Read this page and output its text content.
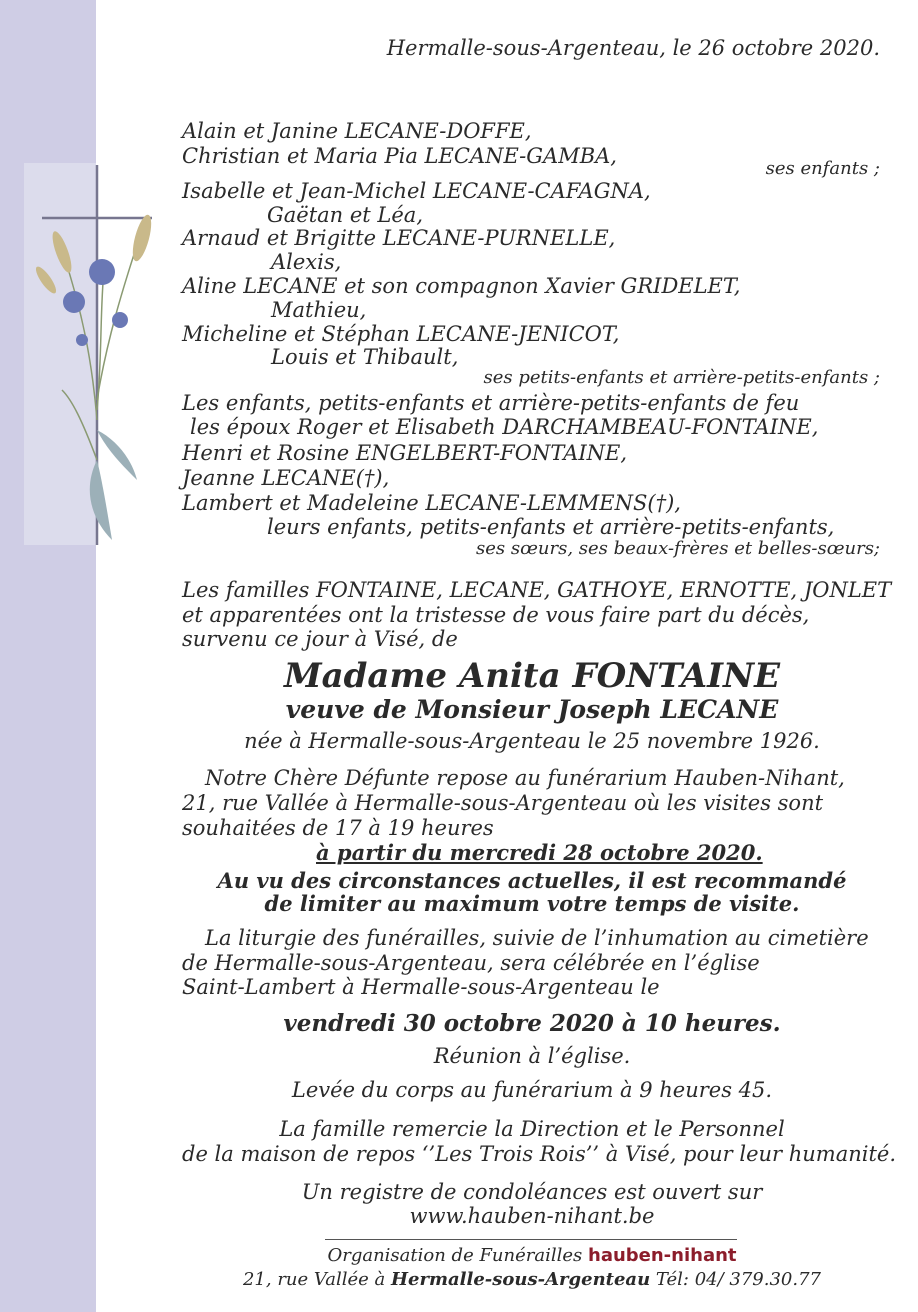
Hermalle-sous-Argenteau, le 26 octobre 2020.
Alain et Janine LECANE-DOFFE,
Christian et Maria Pia LECANE-GAMBA,
ses enfants ;
Isabelle et Jean-Michel LECANE-CAFAGNA,
Gaëtan et Léa,
Arnaud et Brigitte LECANE-PURNELLE,
Alexis,
Aline LECANE et son compagnon Xavier GRIDELET,
Mathieu,
Micheline et Stéphan LECANE-JENICOT,
Louis et Thibault,
ses petits-enfants et arrière-petits-enfants ;
Les enfants, petits-enfants et arrière-petits-enfants de feu
les époux Roger et Elisabeth DARCHAMBEAU-FONTAINE,
Henri et Rosine ENGELBERT-FONTAINE,
Jeanne LECANE(†),
Lambert et Madeleine LECANE-LEMMENS(†),
leurs enfants, petits-enfants et arrière-petits-enfants,
ses sœurs, ses beaux-frères et belles-sœurs;
Les familles FONTAINE, LECANE, GATHOYE, ERNOTTE, JONLET
et apparentées ont la tristesse de vous faire part du décès,
survenu ce jour à Visé, de
Madame Anita FONTAINE
veuve de Monsieur Joseph LECANE
née à Hermalle-sous-Argenteau le 25 novembre 1926.
Notre Chère Défunte repose au funérarium Hauben-Nihant,
21, rue Vallée à Hermalle-sous-Argenteau où les visites sont
souhaitées de 17 à 19 heures
à partir du mercredi 28 octobre 2020.
Au vu des circonstances actuelles, il est recommandé
de limiter au maximum votre temps de visite.
La liturgie des funérailles, suivie de l’inhumation au cimetière
de Hermalle-sous-Argenteau, sera célébrée en l’église
Saint-Lambert à Hermalle-sous-Argenteau le
vendredi 30 octobre 2020 à 10 heures.
Réunion à l’église.
Levée du corps au funérarium à 9 heures 45.
La famille remercie la Direction et le Personnel
de la maison de repos ‘’Les Trois Rois’’ à Visé, pour leur humanité.
Un registre de condoléances est ouvert sur
www.hauben-nihant.be
Organisation de Funérailles hauben-nihant
21, rue Vallée à Hermalle-sous-Argenteau Tél: 04/ 379.30.77
